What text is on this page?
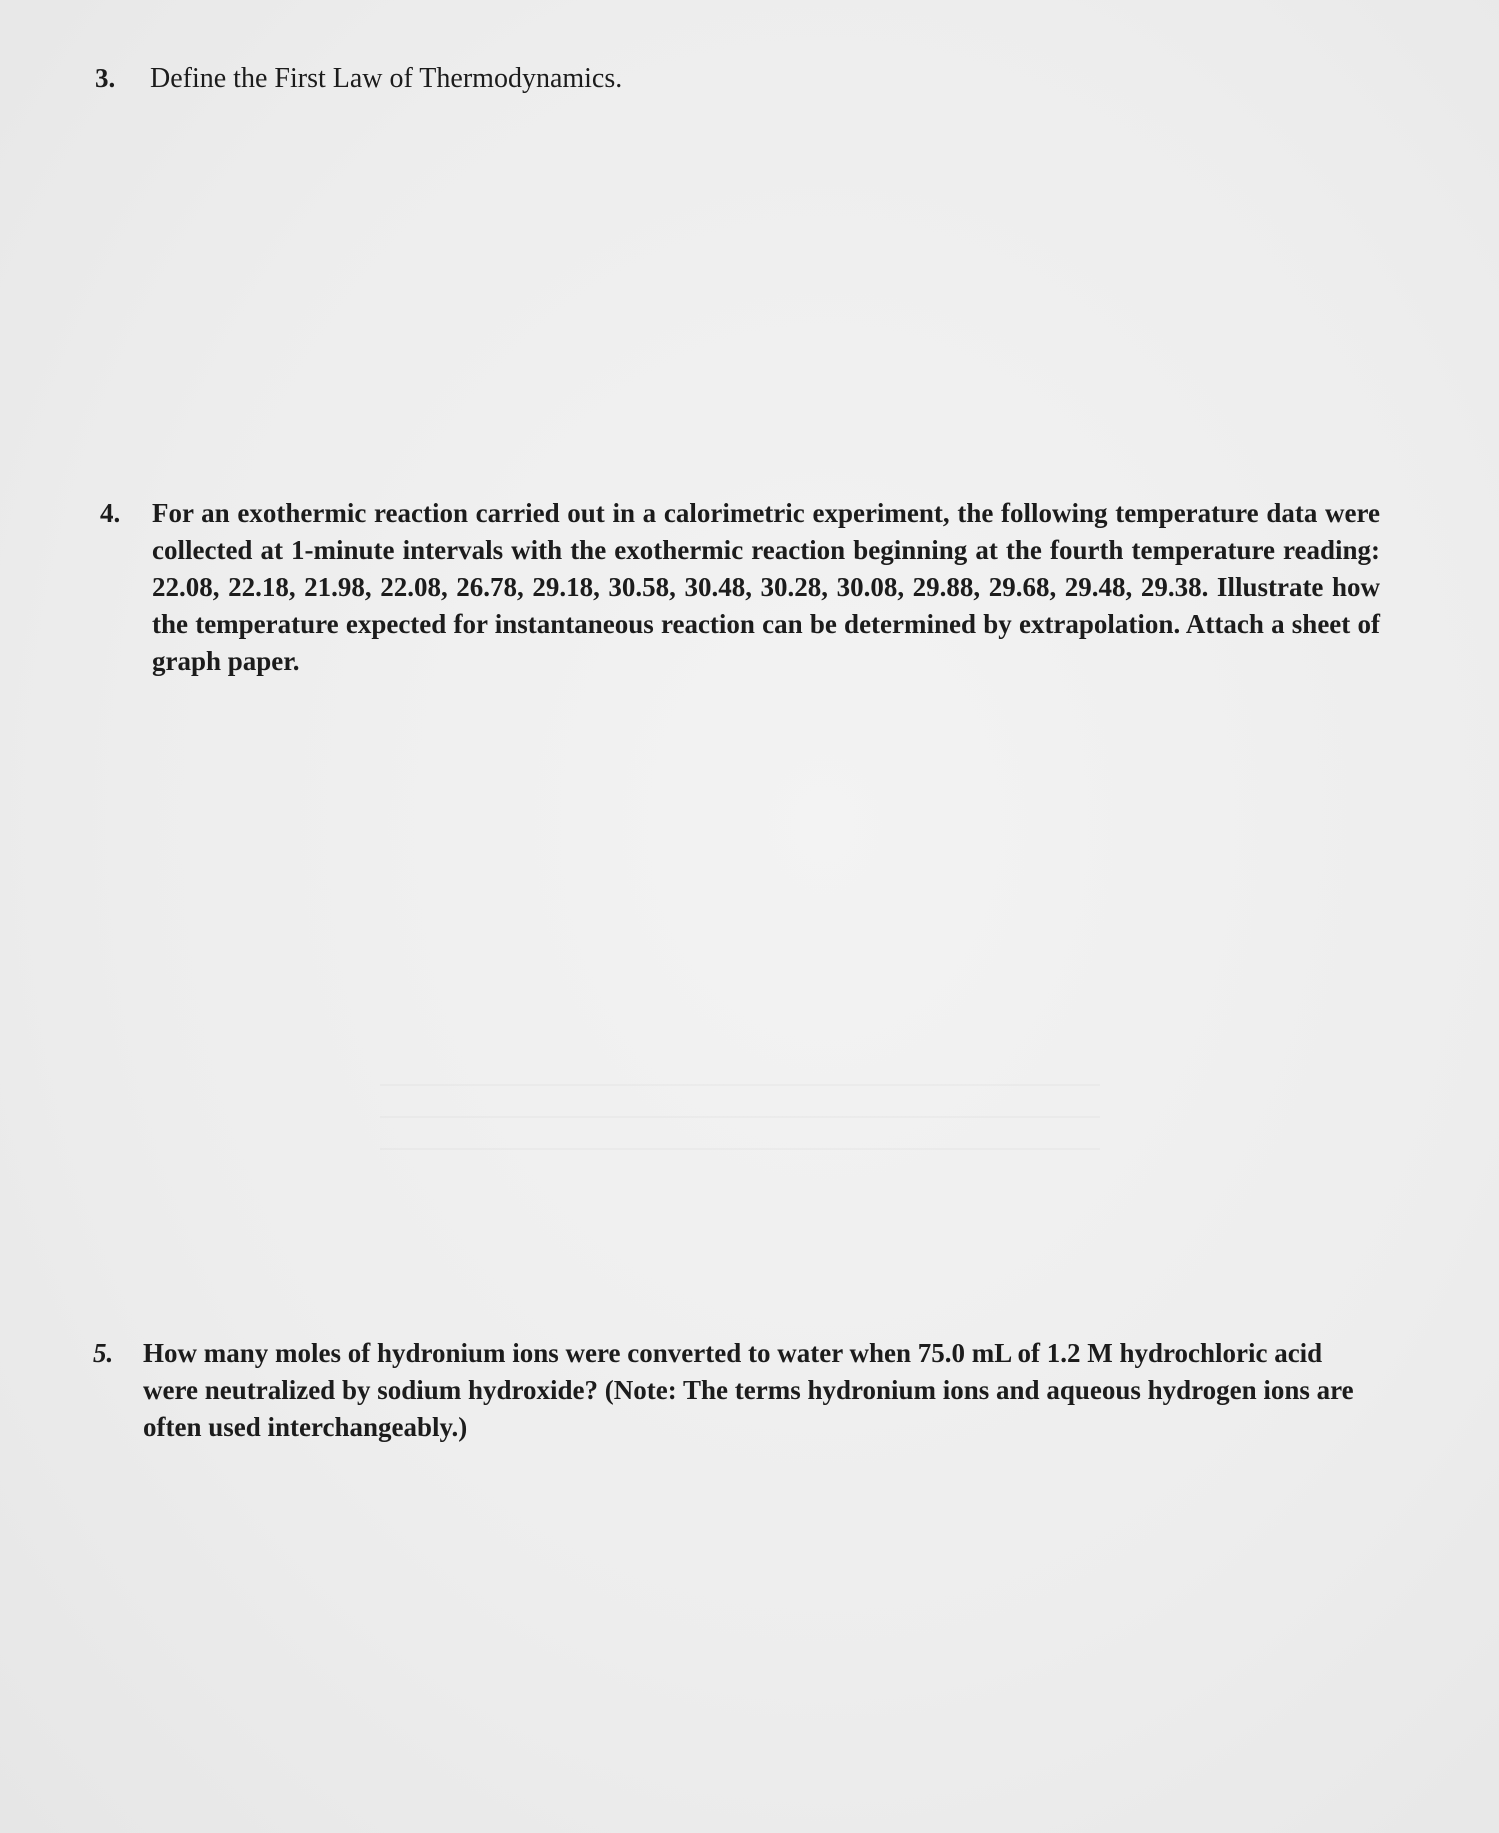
3.	Define the First Law of Thermodynamics.
4.	For an exothermic reaction carried out in a calorimetric experiment, the following temperature data were collected at 1-minute intervals with the exothermic reaction beginning at the fourth temperature reading: 22.08, 22.18, 21.98, 22.08, 26.78, 29.18, 30.58, 30.48, 30.28, 30.08, 29.88, 29.68, 29.48, 29.38. Illustrate how the temperature expected for instantaneous reaction can be determined by extrapolation. Attach a sheet of graph paper.
5.	How many moles of hydronium ions were converted to water when 75.0 mL of 1.2 M hydrochloric acid were neutralized by sodium hydroxide? (Note: The terms hydronium ions and aqueous hydrogen ions are often used interchangeably.)
